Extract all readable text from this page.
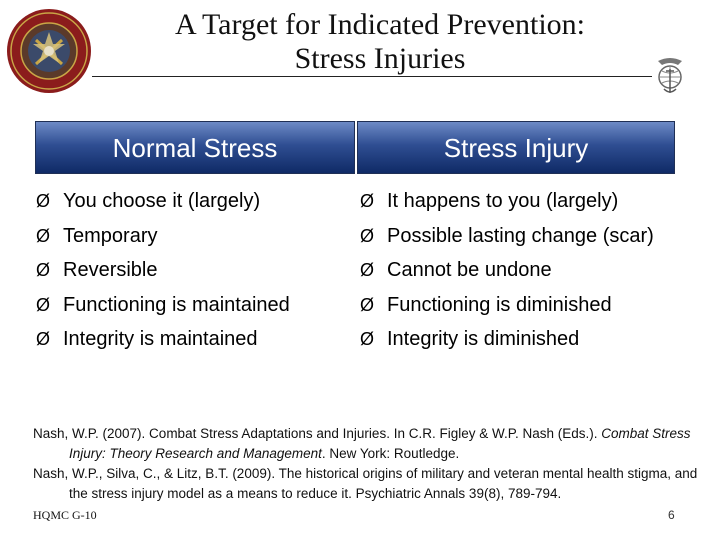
A Target for Indicated Prevention:
Stress Injuries
Normal Stress	Stress Injury
Ø You choose it (largely)
Ø Temporary
Ø Reversible
Ø Functioning is maintained
Ø Integrity is maintained
Ø It happens to you (largely)
Ø Possible lasting change (scar)
Ø Cannot be undone
Ø Functioning is diminished
Ø Integrity is diminished
Nash, W.P. (2007). Combat Stress Adaptations and Injuries. In C.R. Figley & W.P. Nash (Eds.). Combat Stress Injury: Theory Research and Management. New York: Routledge.
Nash, W.P., Silva, C., & Litz, B.T. (2009). The historical origins of military and veteran mental health stigma, and the stress injury model as a means to reduce it. Psychiatric Annals 39(8), 789-794.
HQMC G-10	6
